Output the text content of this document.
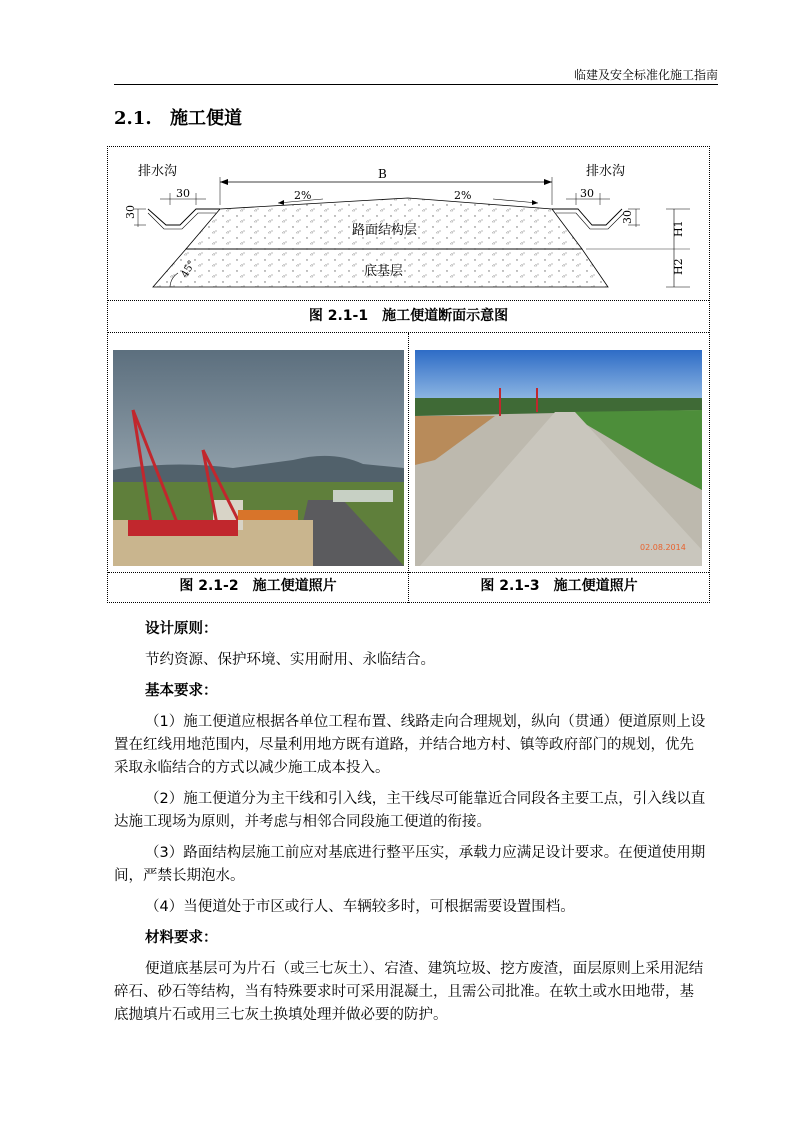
临建及安全标准化施工指南
2.1. 施工便道
排水沟	排水沟
30	30
30	30
B
2%	2%
路面结构层
底基层
45°
H1
H2
图 2.1-1　施工便道断面示意图
02.08.2014
图 2.1-2　施工便道照片	图 2.1-3　施工便道照片

设计原则：

节约资源、保护环境、实用耐用、永临结合。

基本要求：

（1）施工便道应根据各单位工程布置、线路走向合理规划，纵向（贯通）便道原则上设置在红线用地范围内，尽量利用地方既有道路，并结合地方村、镇等政府部门的规划，优先采取永临结合的方式以减少施工成本投入。

（2）施工便道分为主干线和引入线，主干线尽可能靠近合同段各主要工点，引入线以直达施工现场为原则，并考虑与相邻合同段施工便道的衔接。

（3）路面结构层施工前应对基底进行整平压实，承载力应满足设计要求。在便道使用期间，严禁长期泡水。

（4）当便道处于市区或行人、车辆较多时，可根据需要设置围档。

材料要求：

便道底基层可为片石（或三七灰土）、宕渣、建筑垃圾、挖方废渣，面层原则上采用泥结碎石、砂石等结构，当有特殊要求时可采用混凝土，且需公司批准。在软土或水田地带，基底抛填片石或用三七灰土换填处理并做必要的防护。
